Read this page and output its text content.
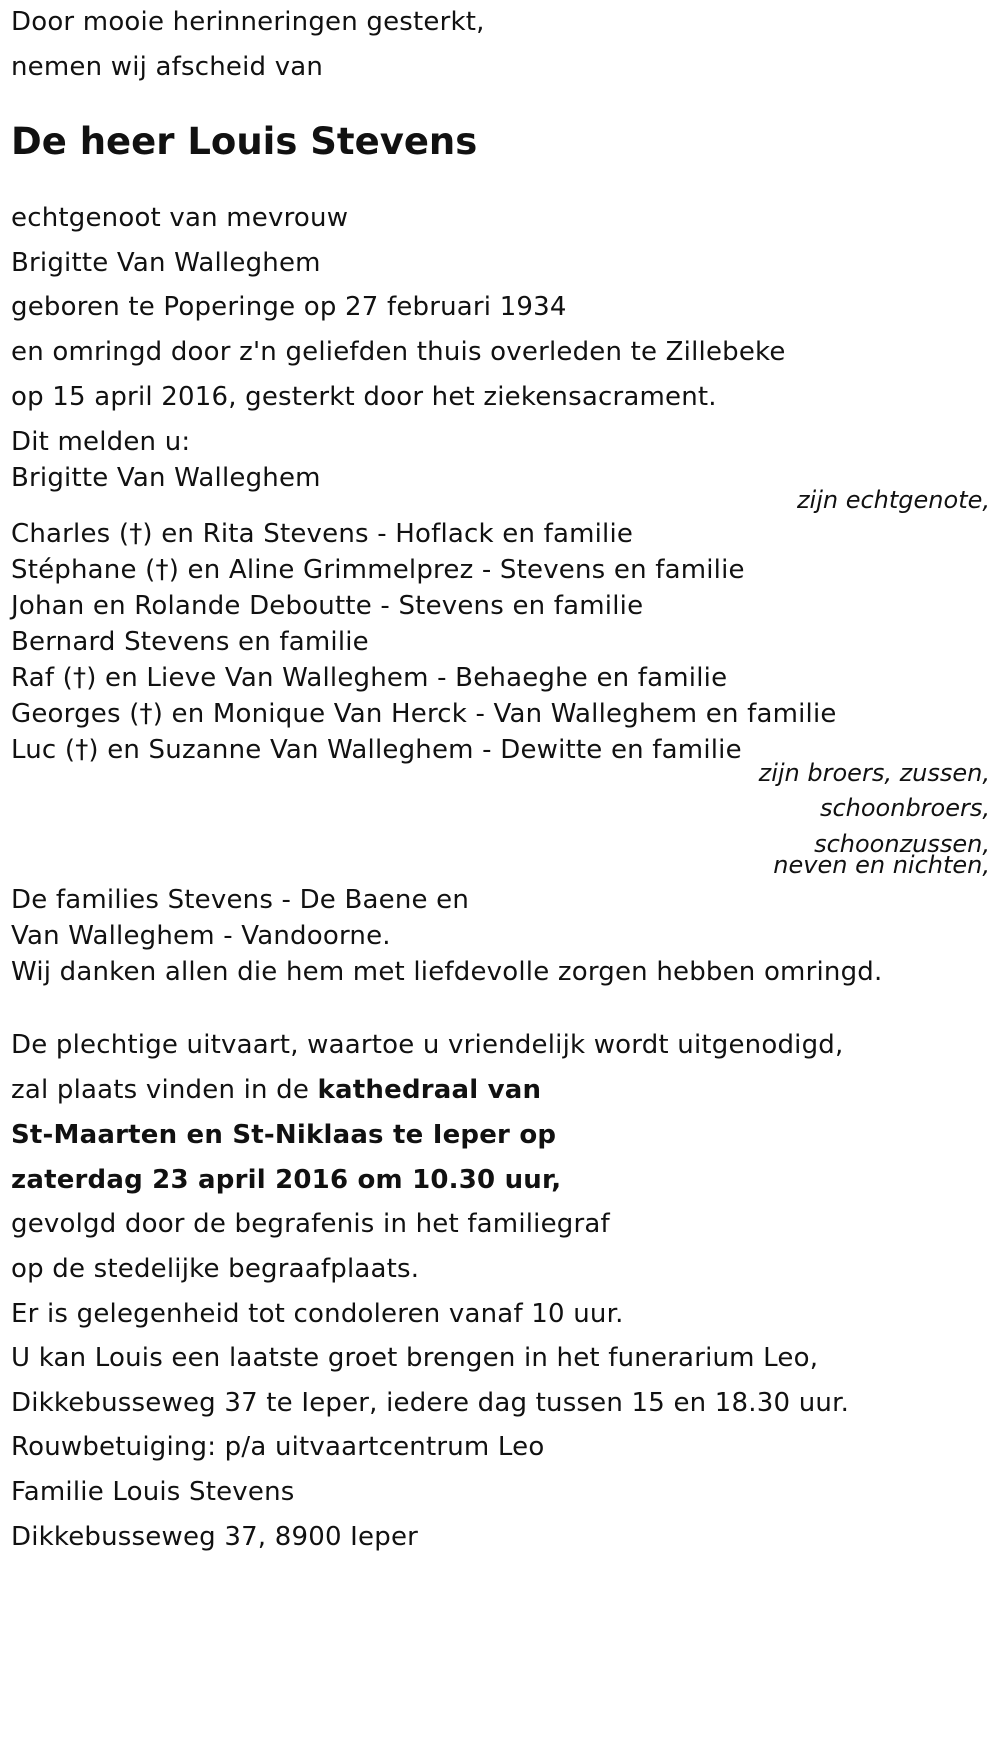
Door mooie herinneringen gesterkt,
nemen wij afscheid van
De heer Louis Stevens
echtgenoot van mevrouw
Brigitte Van Walleghem
geboren te Poperinge op 27 februari 1934
en omringd door z'n geliefden thuis overleden te Zillebeke
op 15 april 2016, gesterkt door het ziekensacrament.
Dit melden u:
Brigitte Van Walleghem
zijn echtgenote,
Charles (†) en Rita Stevens - Hoflack en familie
Stéphane (†) en Aline Grimmelprez - Stevens en familie
Johan en Rolande Deboutte - Stevens en familie
Bernard Stevens en familie
Raf (†) en Lieve Van Walleghem - Behaeghe en familie
Georges (†) en Monique Van Herck - Van Walleghem en familie
Luc (†) en Suzanne Van Walleghem - Dewitte en familie
zijn broers, zussen,
schoonbroers,
schoonzussen,
neven en nichten,
De families Stevens - De Baene en
Van Walleghem - Vandoorne.
Wij danken allen die hem met liefdevolle zorgen hebben omringd.
De plechtige uitvaart, waartoe u vriendelijk wordt uitgenodigd,
zal plaats vinden in de kathedraal van
St-Maarten en St-Niklaas te Ieper op
zaterdag 23 april 2016 om 10.30 uur,
gevolgd door de begrafenis in het familiegraf
op de stedelijke begraafplaats.
Er is gelegenheid tot condoleren vanaf 10 uur.
U kan Louis een laatste groet brengen in het funerarium Leo,
Dikkebusseweg 37 te Ieper, iedere dag tussen 15 en 18.30 uur.
Rouwbetuiging: p/a uitvaartcentrum Leo
Familie Louis Stevens
Dikkebusseweg 37, 8900 Ieper
